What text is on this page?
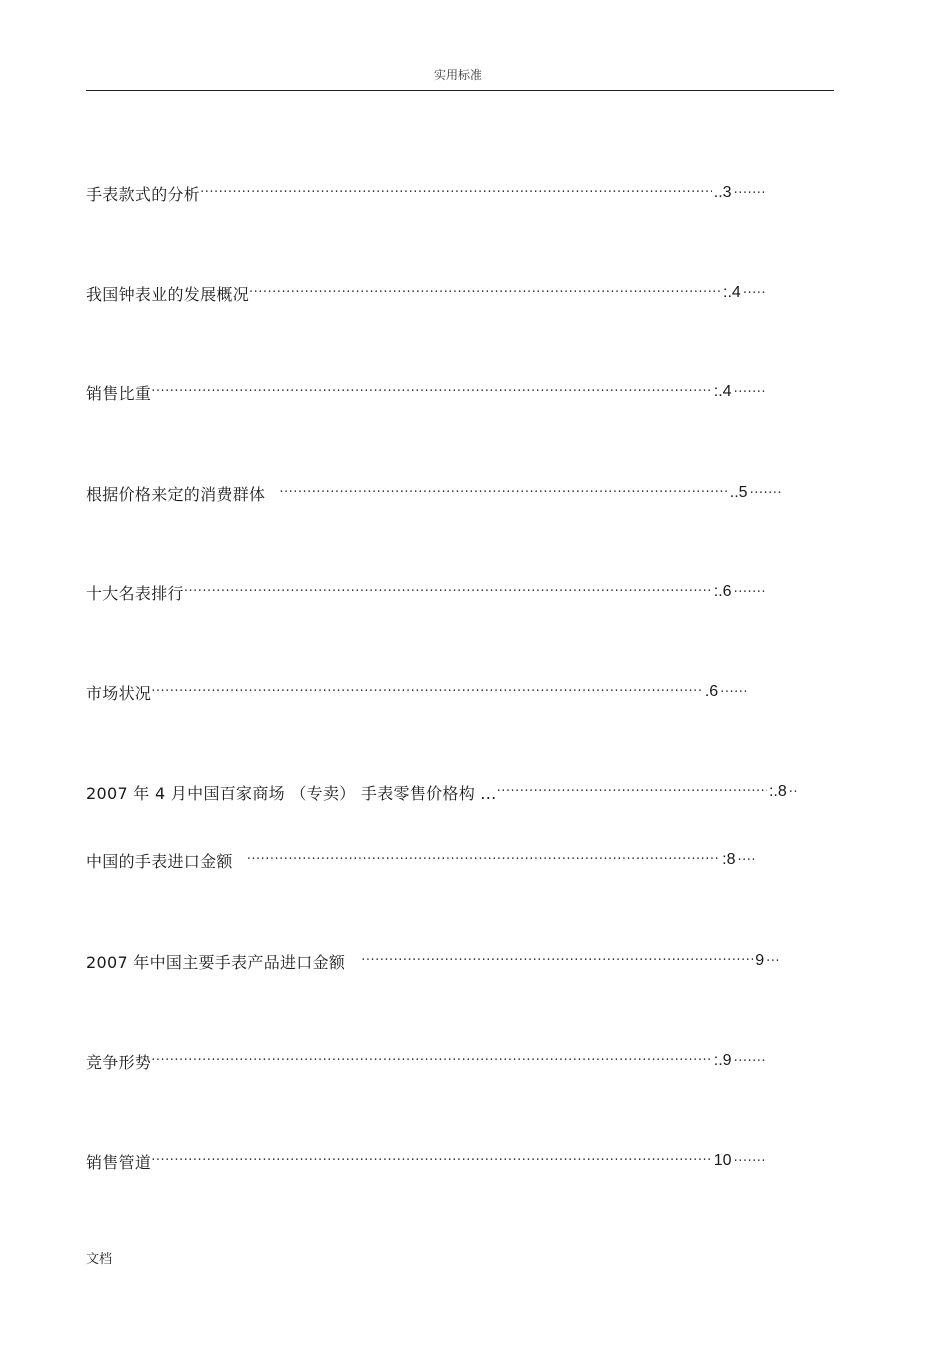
实用标准
手表款式的分析 ·····	..3 ·······
我国钟表业的发展概况 ·····	:.4 ·····
销售比重 ·····	:.4 ·······
根据价格来定的消费群体 ·····	..5 ·······
十大名表排行 ·····	:.6 ·······
市场状况 ·····	.6 ······
2007 年 4 月中国百家商场 （专卖） 手表零售价格构 ... ·····	:.8 ··
中国的手表进口金额 ·····	:8 ····
2007 年中国主要手表产品进口金额 ·····	9 ···
竞争形势 ·····	:.9 ·······
销售管道 ·····	10 ·······
文档
